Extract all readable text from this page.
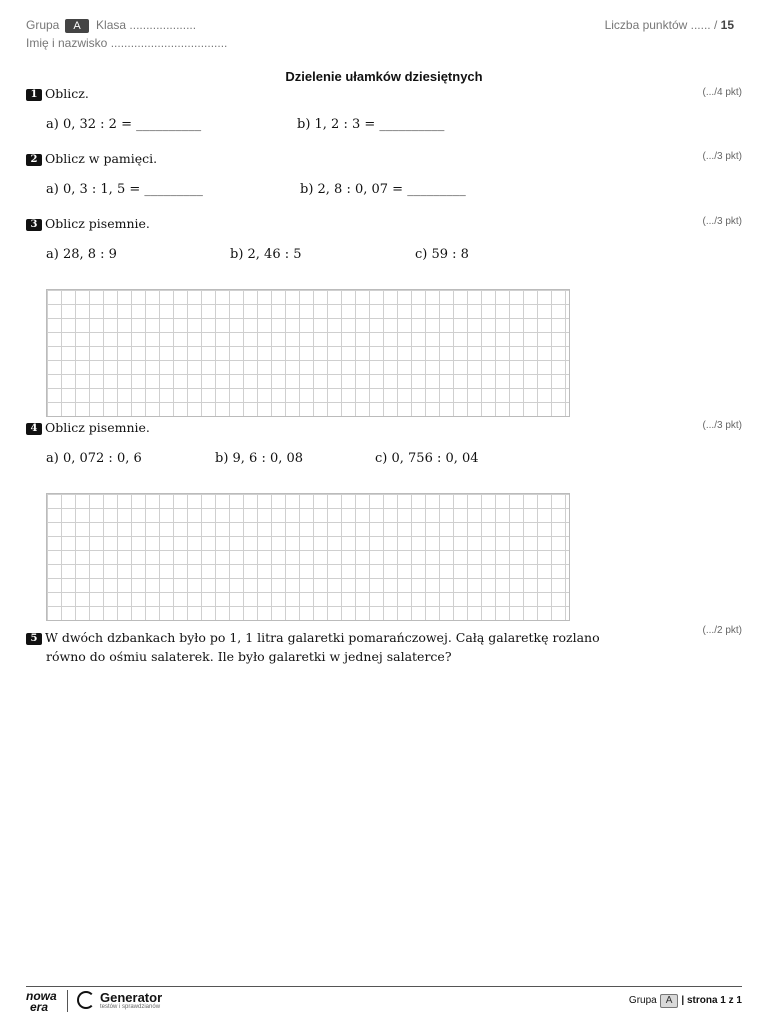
Grupa A Klasa ....................
Imię i nazwisko ...................................
Liczba punktów ...... / 15
Dzielenie ułamków dziesiętnych
1 Oblicz.	(.../4 pkt)
a) 0, 32 : 2 = __________	b) 1, 2 : 3 = __________
2 Oblicz w pamięci.	(.../3 pkt)
a) 0, 3 : 1, 5 = _________	b) 2, 8 : 0, 07 = _________
3 Oblicz pisemnie.	(.../3 pkt)
a) 28, 8 : 9	b) 2, 46 : 5	c) 59 : 8
4 Oblicz pisemnie.	(.../3 pkt)
a) 0, 072 : 0, 6	b) 9, 6 : 0, 08	c) 0, 756 : 0, 04
5 W dwóch dzbankach było po 1, 1 litra galaretki pomarańczowej. Całą galaretkę rozlano
równo do ośmiu salaterek. Ile było galaretki w jednej salaterce?
(.../2 pkt)
nowa
era
Generator
testów i sprawdzianów
Grupa A | strona 1 z 1
